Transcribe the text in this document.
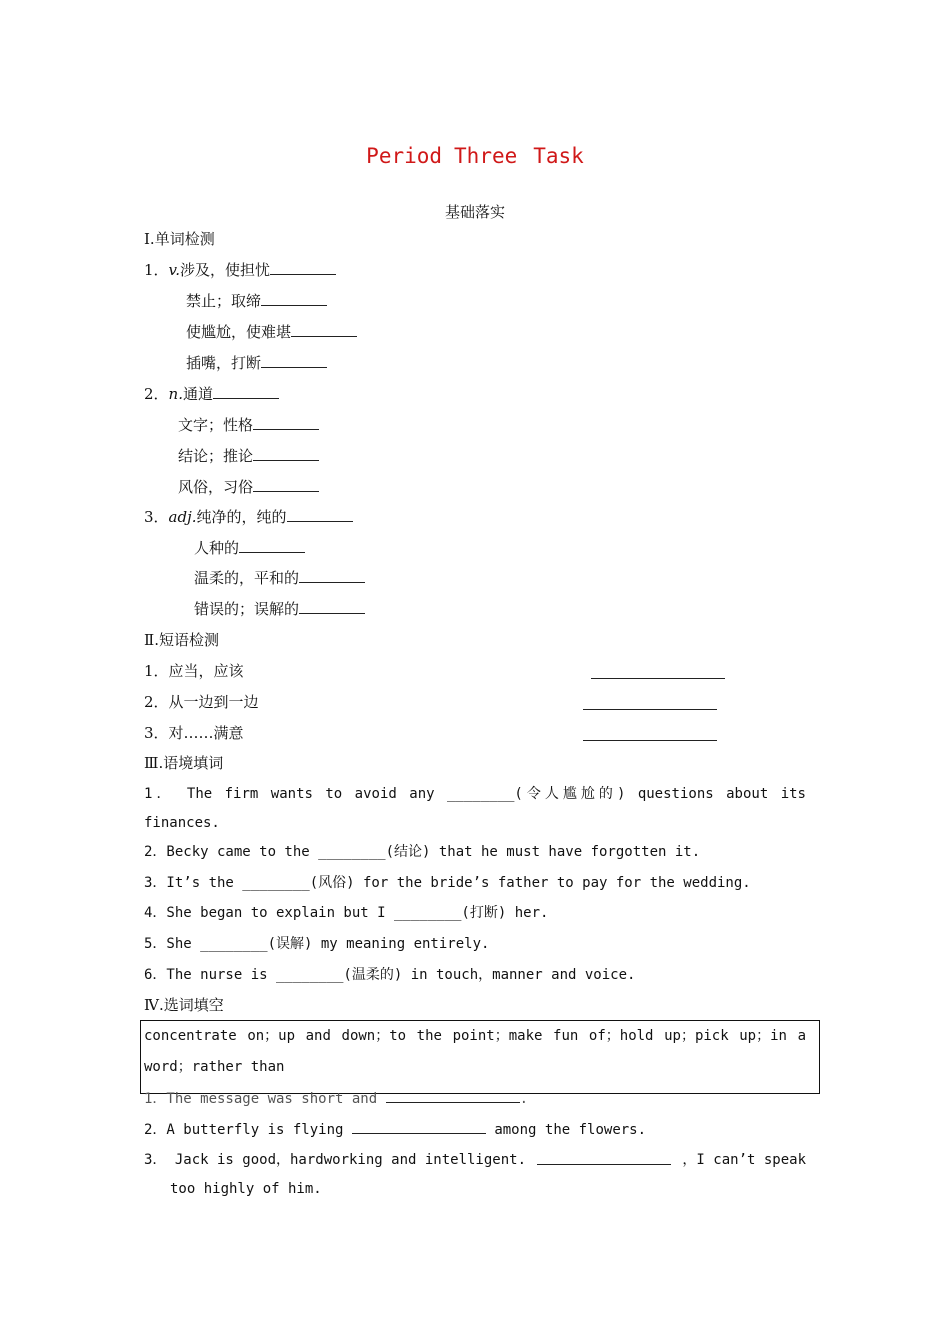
Period Three Task
基础落实
Ⅰ.单词检测
1．v.涉及，使担忧
禁止；取缔
使尴尬，使难堪
插嘴，打断
2．n.通道
文字；性格
结论；推论
风俗，习俗
3．adj.纯净的，纯的
人种的
温柔的，平和的
错误的；误解的
Ⅱ.短语检测
1．应当，应该
2．从一边到一边
3．对……满意
Ⅲ.语境填词
1． The firm wants to avoid any ________(令人尴尬的) questions about its
finances.
2．Becky came to the ________(结论) that he must have forgotten it.
3．It’s the ________(风俗) for the bride’s father to pay for the wedding.
4．She began to explain but I ________(打断) her.
5．She ________(误解) my meaning entirely.
6．The nurse is ________(温柔的) in touch，manner and voice.
Ⅳ.选词填空
concentrate on；up and down；to the point；make fun of；hold up；pick up；in a
word；rather than
1．The message was short and	.
2．A butterfly is flying	among the flowers.
3． Jack is good，hardworking and intelligent.	，I can’t speak
too highly of him.
